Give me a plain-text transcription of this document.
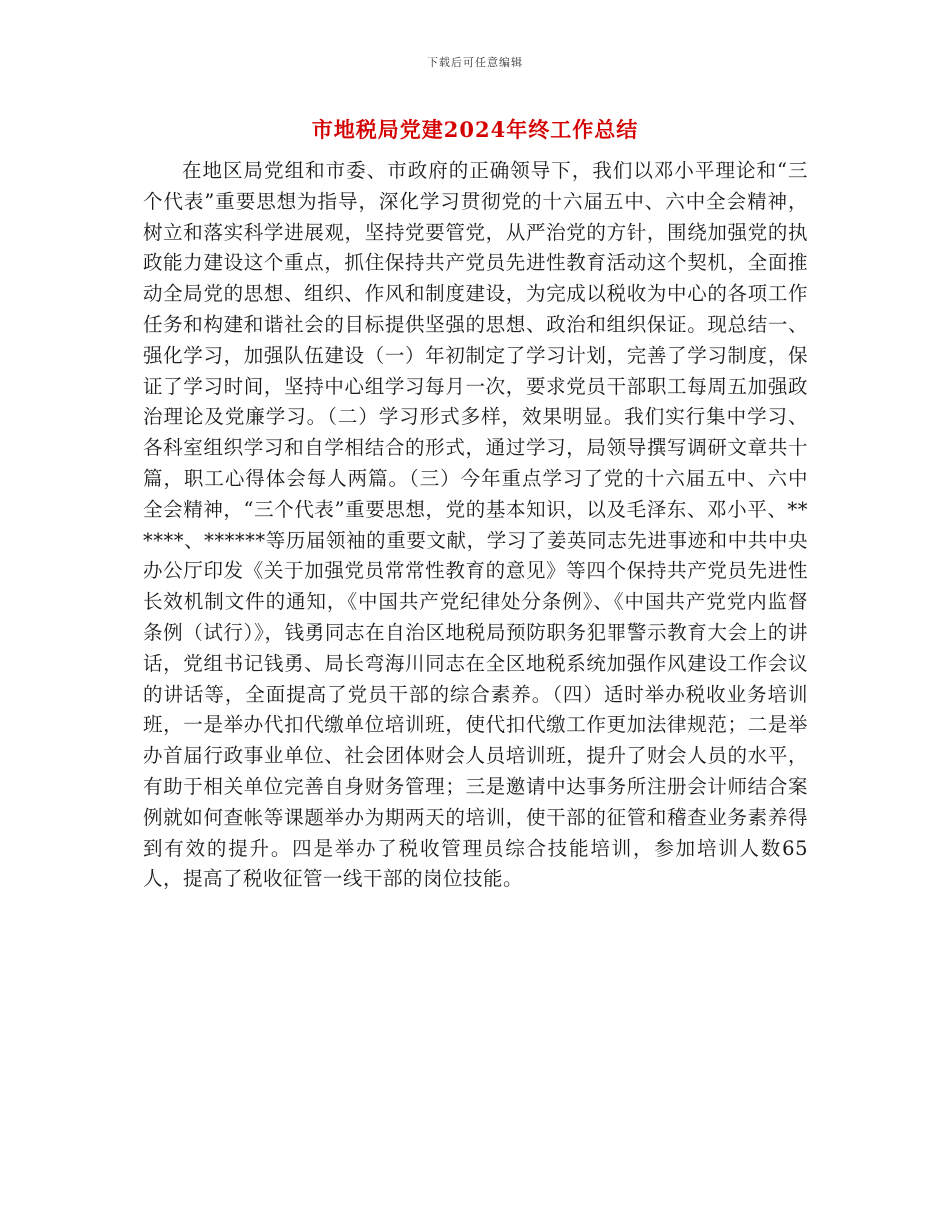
下载后可任意编辑
市地税局党建2024年终工作总结

在地区局党组和市委、市政府的正确领导下，我们以邓小平理论和“三个代表”重要思想为指导，深化学习贯彻党的十六届五中、六中全会精神，树立和落实科学进展观，坚持党要管党，从严治党的方针，围绕加强党的执政能力建设这个重点，抓住保持共产党员先进性教育活动这个契机，全面推动全局党的思想、组织、作风和制度建设，为完成以税收为中心的各项工作任务和构建和谐社会的目标提供坚强的思想、政治和组织保证。现总结一、强化学习，加强队伍建设（一）年初制定了学习计划，完善了学习制度，保证了学习时间，坚持中心组学习每月一次，要求党员干部职工每周五加强政治理论及党廉学习。（二）学习形式多样，效果明显。我们实行集中学习、各科室组织学习和自学相结合的形式，通过学习，局领导撰写调研文章共十篇，职工心得体会每人两篇。（三）今年重点学习了党的十六届五中、六中全会精神，“三个代表”重要思想，党的基本知识，以及毛泽东、邓小平、******、******等历届领袖的重要文献，学习了姜英同志先进事迹和中共中央办公厅印发《关于加强党员常常性教育的意见》等四个保持共产党员先进性长效机制文件的通知，《中国共产党纪律处分条例》、《中国共产党党内监督条例（试行）》，钱勇同志在自治区地税局预防职务犯罪警示教育大会上的讲话，党组书记钱勇、局长弯海川同志在全区地税系统加强作风建设工作会议的讲话等，全面提高了党员干部的综合素养。（四）适时举办税收业务培训班，一是举办代扣代缴单位培训班，使代扣代缴工作更加法律规范；二是举办首届行政事业单位、社会团体财会人员培训班，提升了财会人员的水平，有助于相关单位完善自身财务管理；三是邀请中达事务所注册会计师结合案例就如何查帐等课题举办为期两天的培训，使干部的征管和稽查业务素养得到有效的提升。四是举办了税收管理员综合技能培训，参加培训人数65人，提高了税收征管一线干部的岗位技能。
